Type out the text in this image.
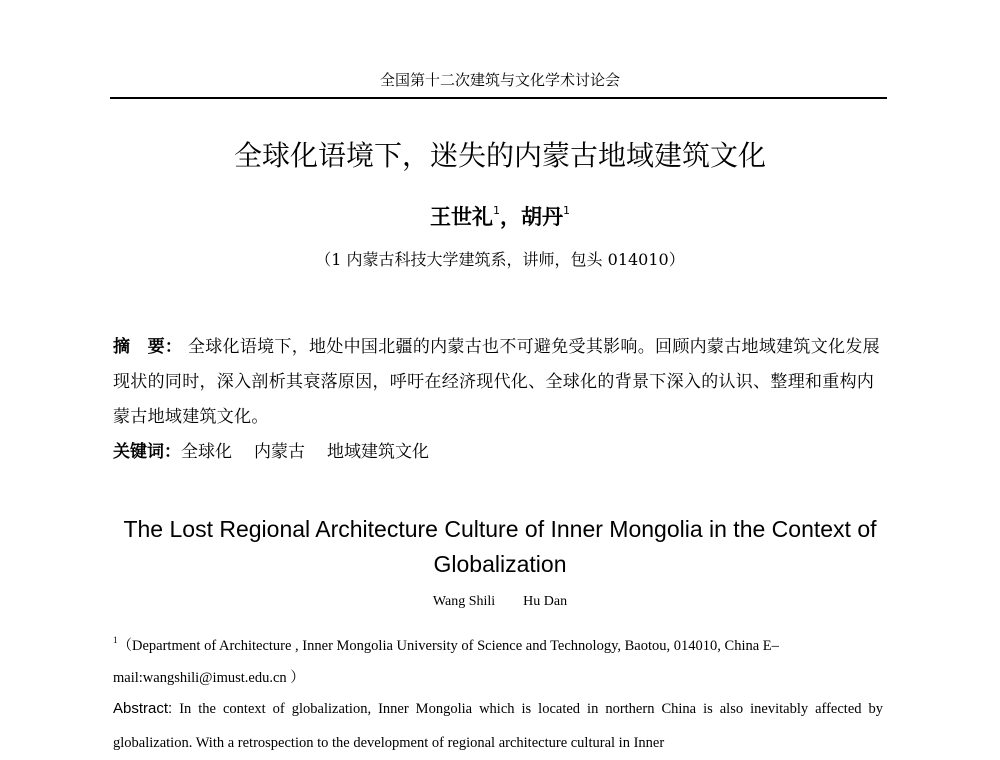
全国第十二次建筑与文化学术讨论会
全球化语境下，迷失的内蒙古地域建筑文化
王世礼$^1$，胡丹$^1$
（1 内蒙古科技大学建筑系，讲师，包头 014010）
摘　要： 全球化语境下，地处中国北疆的内蒙古也不可避免受其影响。回顾内蒙古地域建筑文化发展现状的同时，深入剖析其衰落原因，呼吁在经济现代化、全球化的背景下深入的认识、整理和重构内蒙古地域建筑文化。
关键词：全球化 内蒙古 地域建筑文化
The Lost Regional Architecture Culture of Inner Mongolia in the Context of Globalization
Wang Shili Hu Dan
$^1$（Department of Architecture , Inner Mongolia University of Science and Technology, Baotou, 014010, China E–mail:wangshili@imust.edu.cn ）
Abstract: In the context of globalization, Inner Mongolia which is located in northern China is also inevitably affected by globalization. With a retrospection to the development of regional architecture cultural in Inner
